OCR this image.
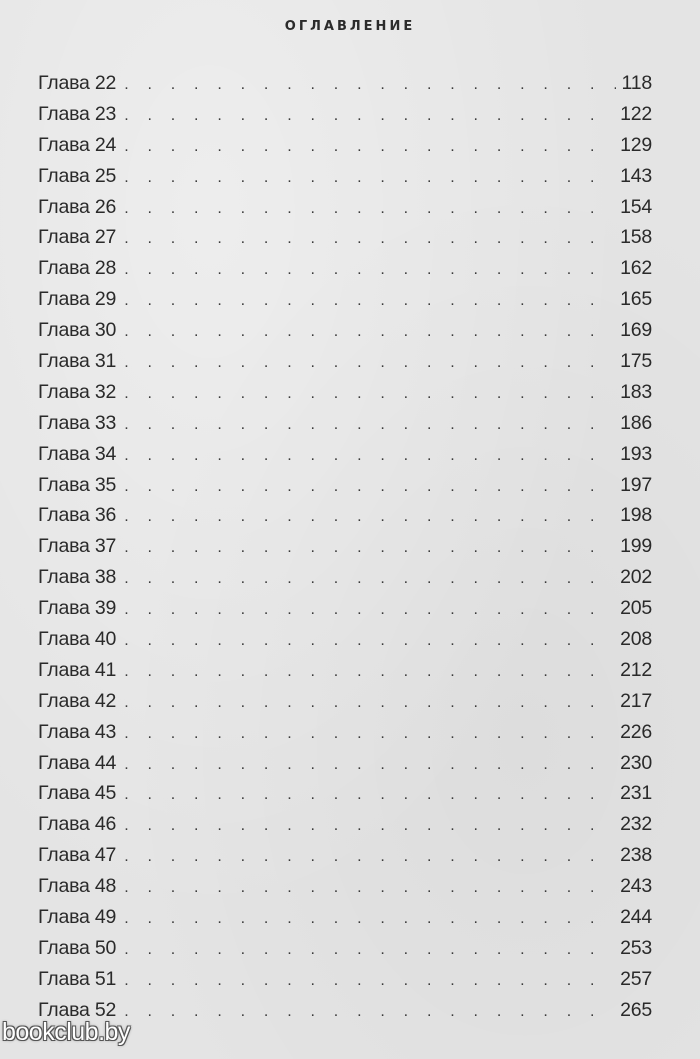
ОГЛАВЛЕНИЕ
Глава 22 . . .	118
Глава 23 . . .	122
Глава 24 . . .	129
Глава 25 . . .	143
Глава 26 . . .	154
Глава 27 . . .	158
Глава 28 . . .	162
Глава 29 . . .	165
Глава 30 . . .	169
Глава 31 . . .	175
Глава 32 . . .	183
Глава 33 . . .	186
Глава 34 . . .	193
Глава 35 . . .	197
Глава 36 . . .	198
Глава 37 . . .	199
Глава 38 . . .	202
Глава 39 . . .	205
Глава 40 . . .	208
Глава 41 . . .	212
Глава 42 . . .	217
Глава 43 . . .	226
Глава 44 . . .	230
Глава 45 . . .	231
Глава 46 . . .	232
Глава 47 . . .	238
Глава 48 . . .	243
Глава 49 . . .	244
Глава 50 . . .	253
Глава 51 . . .	257
Глава 52 . . .	265
bookclub.by
